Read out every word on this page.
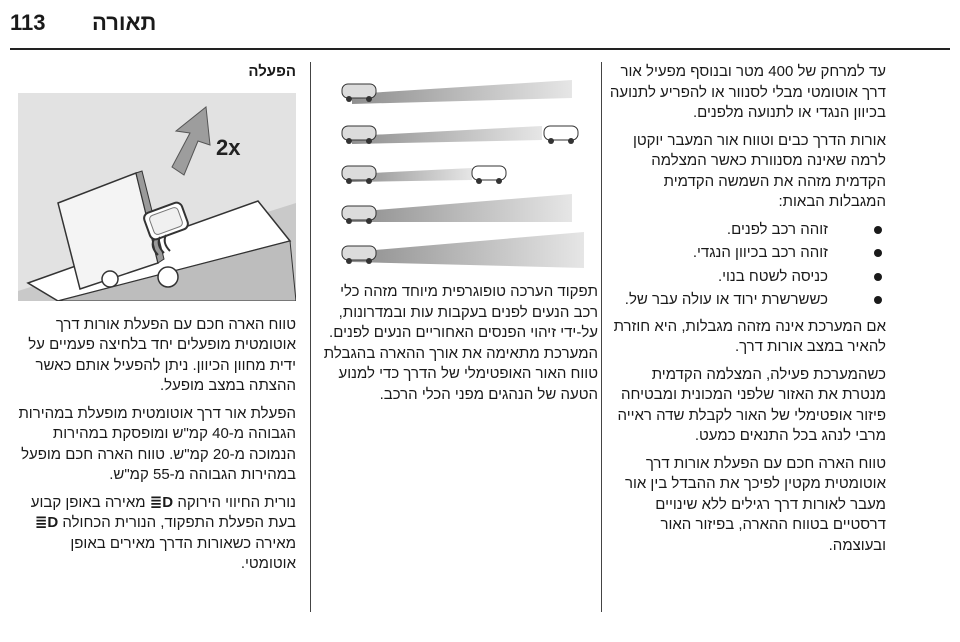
113 תאורה
הפעלה
2x

טווח הארה חכם עם הפעלת אורות דרך אוטומטית מופעלים יחד בלחיצה פעמיים על ידית מחוון הכיוון. ניתן להפעיל אותם כאשר ההצתה במצב מופעל.

הפעלת אור דרך אוטומטית מופעלת במהירות הגבוהה מ-40 קמ"ש ומופסקת במהירות הנמוכה מ-20 קמ"ש. טווח הארה חכם מופעל במהירות הגבוהה מ-55 קמ"ש.

נורית החיווי הירוקה ≣D מאירה באופן קבוע בעת הפעלת התפקוד, הנורית הכחולה ≣D מאירה כשאורות הדרך מאירים באופן אוטומטי.

תפקוד הערכה טופוגרפית מיוחד מזהה כלי רכב הנעים לפנים בעקבות עות ובמדרונות, על-ידי זיהוי הפנסים האחוריים הנעים לפנים. המערכת מתאימה את אורך ההארה בהגבלת טווח האור האופטימלי של הדרך כדי למנוע הטעה של הנהגים מפני הכלי הרכב.

עד למרחק של 400 מטר ובנוסף מפעיל אור דרך אוטומטי מבלי לסנוור או להפריע לתנועה בכיוון הנגדי או לתנועה מלפנים.

אורות הדרך כבים וטווח אור המעבר יוקטן לרמה שאינה מסנוורת כאשר המצלמה הקדמית מזהה את השמשה הקדמית המגבלות הבאות:

זוהה רכב לפנים.
זוהה רכב בכיוון הנגדי.
כניסה לשטח בנוי.
כששרשרת ירוד או עולה עבר של.

אם המערכת אינה מזהה מגבלות, היא חוזרת להאיר במצב אורות דרך.

כשהמערכת פעילה, המצלמה הקדמית מנטרת את האזור שלפני המכונית ומבטיחה פיזור אופטימלי של האור לקבלת שדה ראייה מרבי לנהג בכל התנאים כמעט.

טווח הארה חכם עם הפעלת אורות דרך אוטומטית מקטין לפיכך את ההבדל בין אור מעבר לאורות דרך רגילים ללא שינויים דרסטיים בטווח ההארה, בפיזור האור ובעוצמה.
